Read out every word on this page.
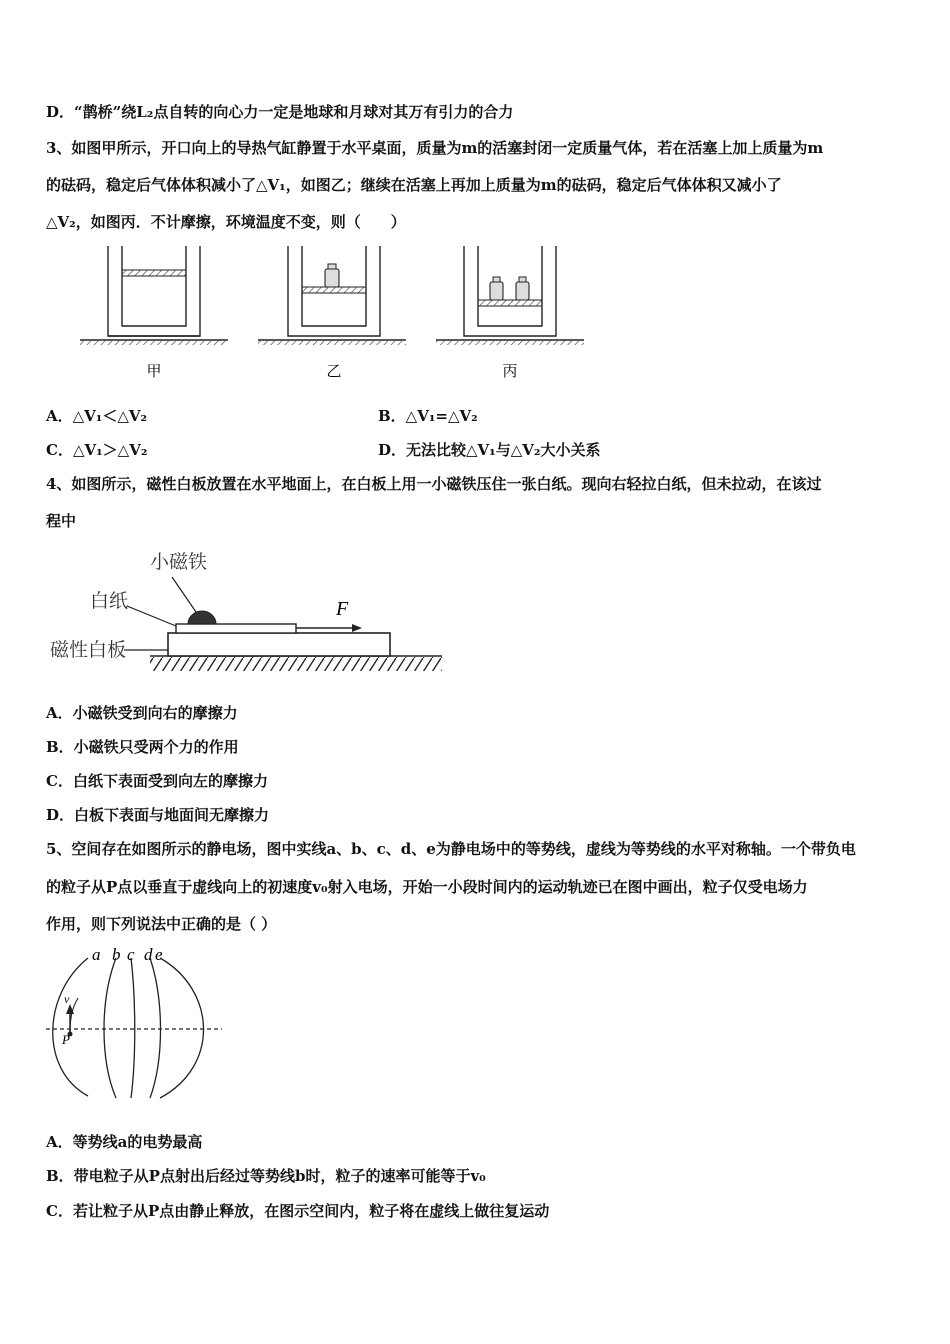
D．“鹊桥”绕L₂点自转的向心力一定是地球和月球对其万有引力的合力
3、如图甲所示，开口向上的导热气缸静置于水平桌面，质量为m的活塞封闭一定质量气体，若在活塞上加上质量为m
的砝码，稳定后气体体积减小了△V₁，如图乙；继续在活塞上再加上质量为m的砝码，稳定后气体体积又减小了
△V₂，如图丙．不计摩擦，环境温度不变，则（　　）
甲	乙	丙
A．△V₁＜△V₂	B．△V₁=△V₂
C．△V₁＞△V₂	D．无法比较△V₁与△V₂大小关系
4、如图所示，磁性白板放置在水平地面上，在白板上用一小磁铁压住一张白纸。现向右轻拉白纸，但未拉动，在该过
程中
F
小磁铁
白纸
磁性白板
A．小磁铁受到向右的摩擦力
B．小磁铁只受两个力的作用
C．白纸下表面受到向左的摩擦力
D．白板下表面与地面间无摩擦力
5、空间存在如图所示的静电场，图中实线a、b、c、d、e为静电场中的等势线，虚线为等势线的水平对称轴。一个带负电
的粒子从P点以垂直于虚线向上的初速度v₀射入电场，开始一小段时间内的运动轨迹已在图中画出，粒子仅受电场力
作用，则下列说法中正确的是（ ）
P
v
a b c d e
A．等势线a的电势最高
B．带电粒子从P点射出后经过等势线b时，粒子的速率可能等于v₀
C．若让粒子从P点由静止释放，在图示空间内，粒子将在虚线上做往复运动
